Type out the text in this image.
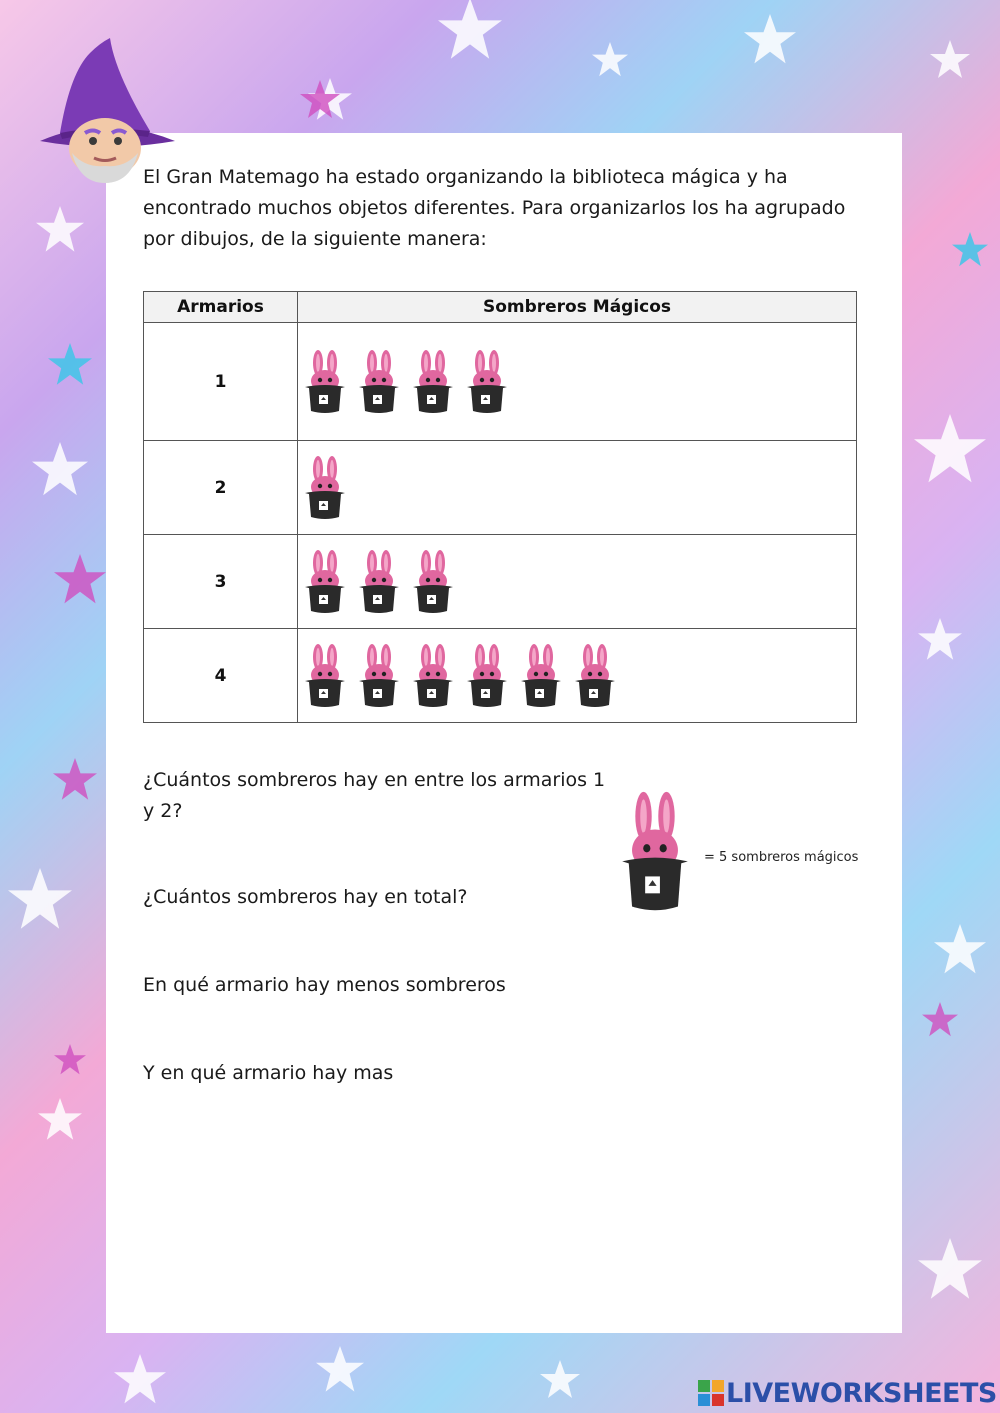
El Gran Matemago ha estado organizando la biblioteca mágica y ha encontrado muchos objetos diferentes. Para organizarlos los ha agrupado por dibujos, de la siguiente manera:

Armarios	Sombreros Mágicos
1	

2	

3	

4	

¿Cuántos sombreros hay en entre los armarios 1 y 2?

¿Cuántos sombreros hay en total?

En qué armario hay menos sombreros

Y en qué armario hay mas

= 5 sombreros mágicos
LIVEWORKSHEETS
